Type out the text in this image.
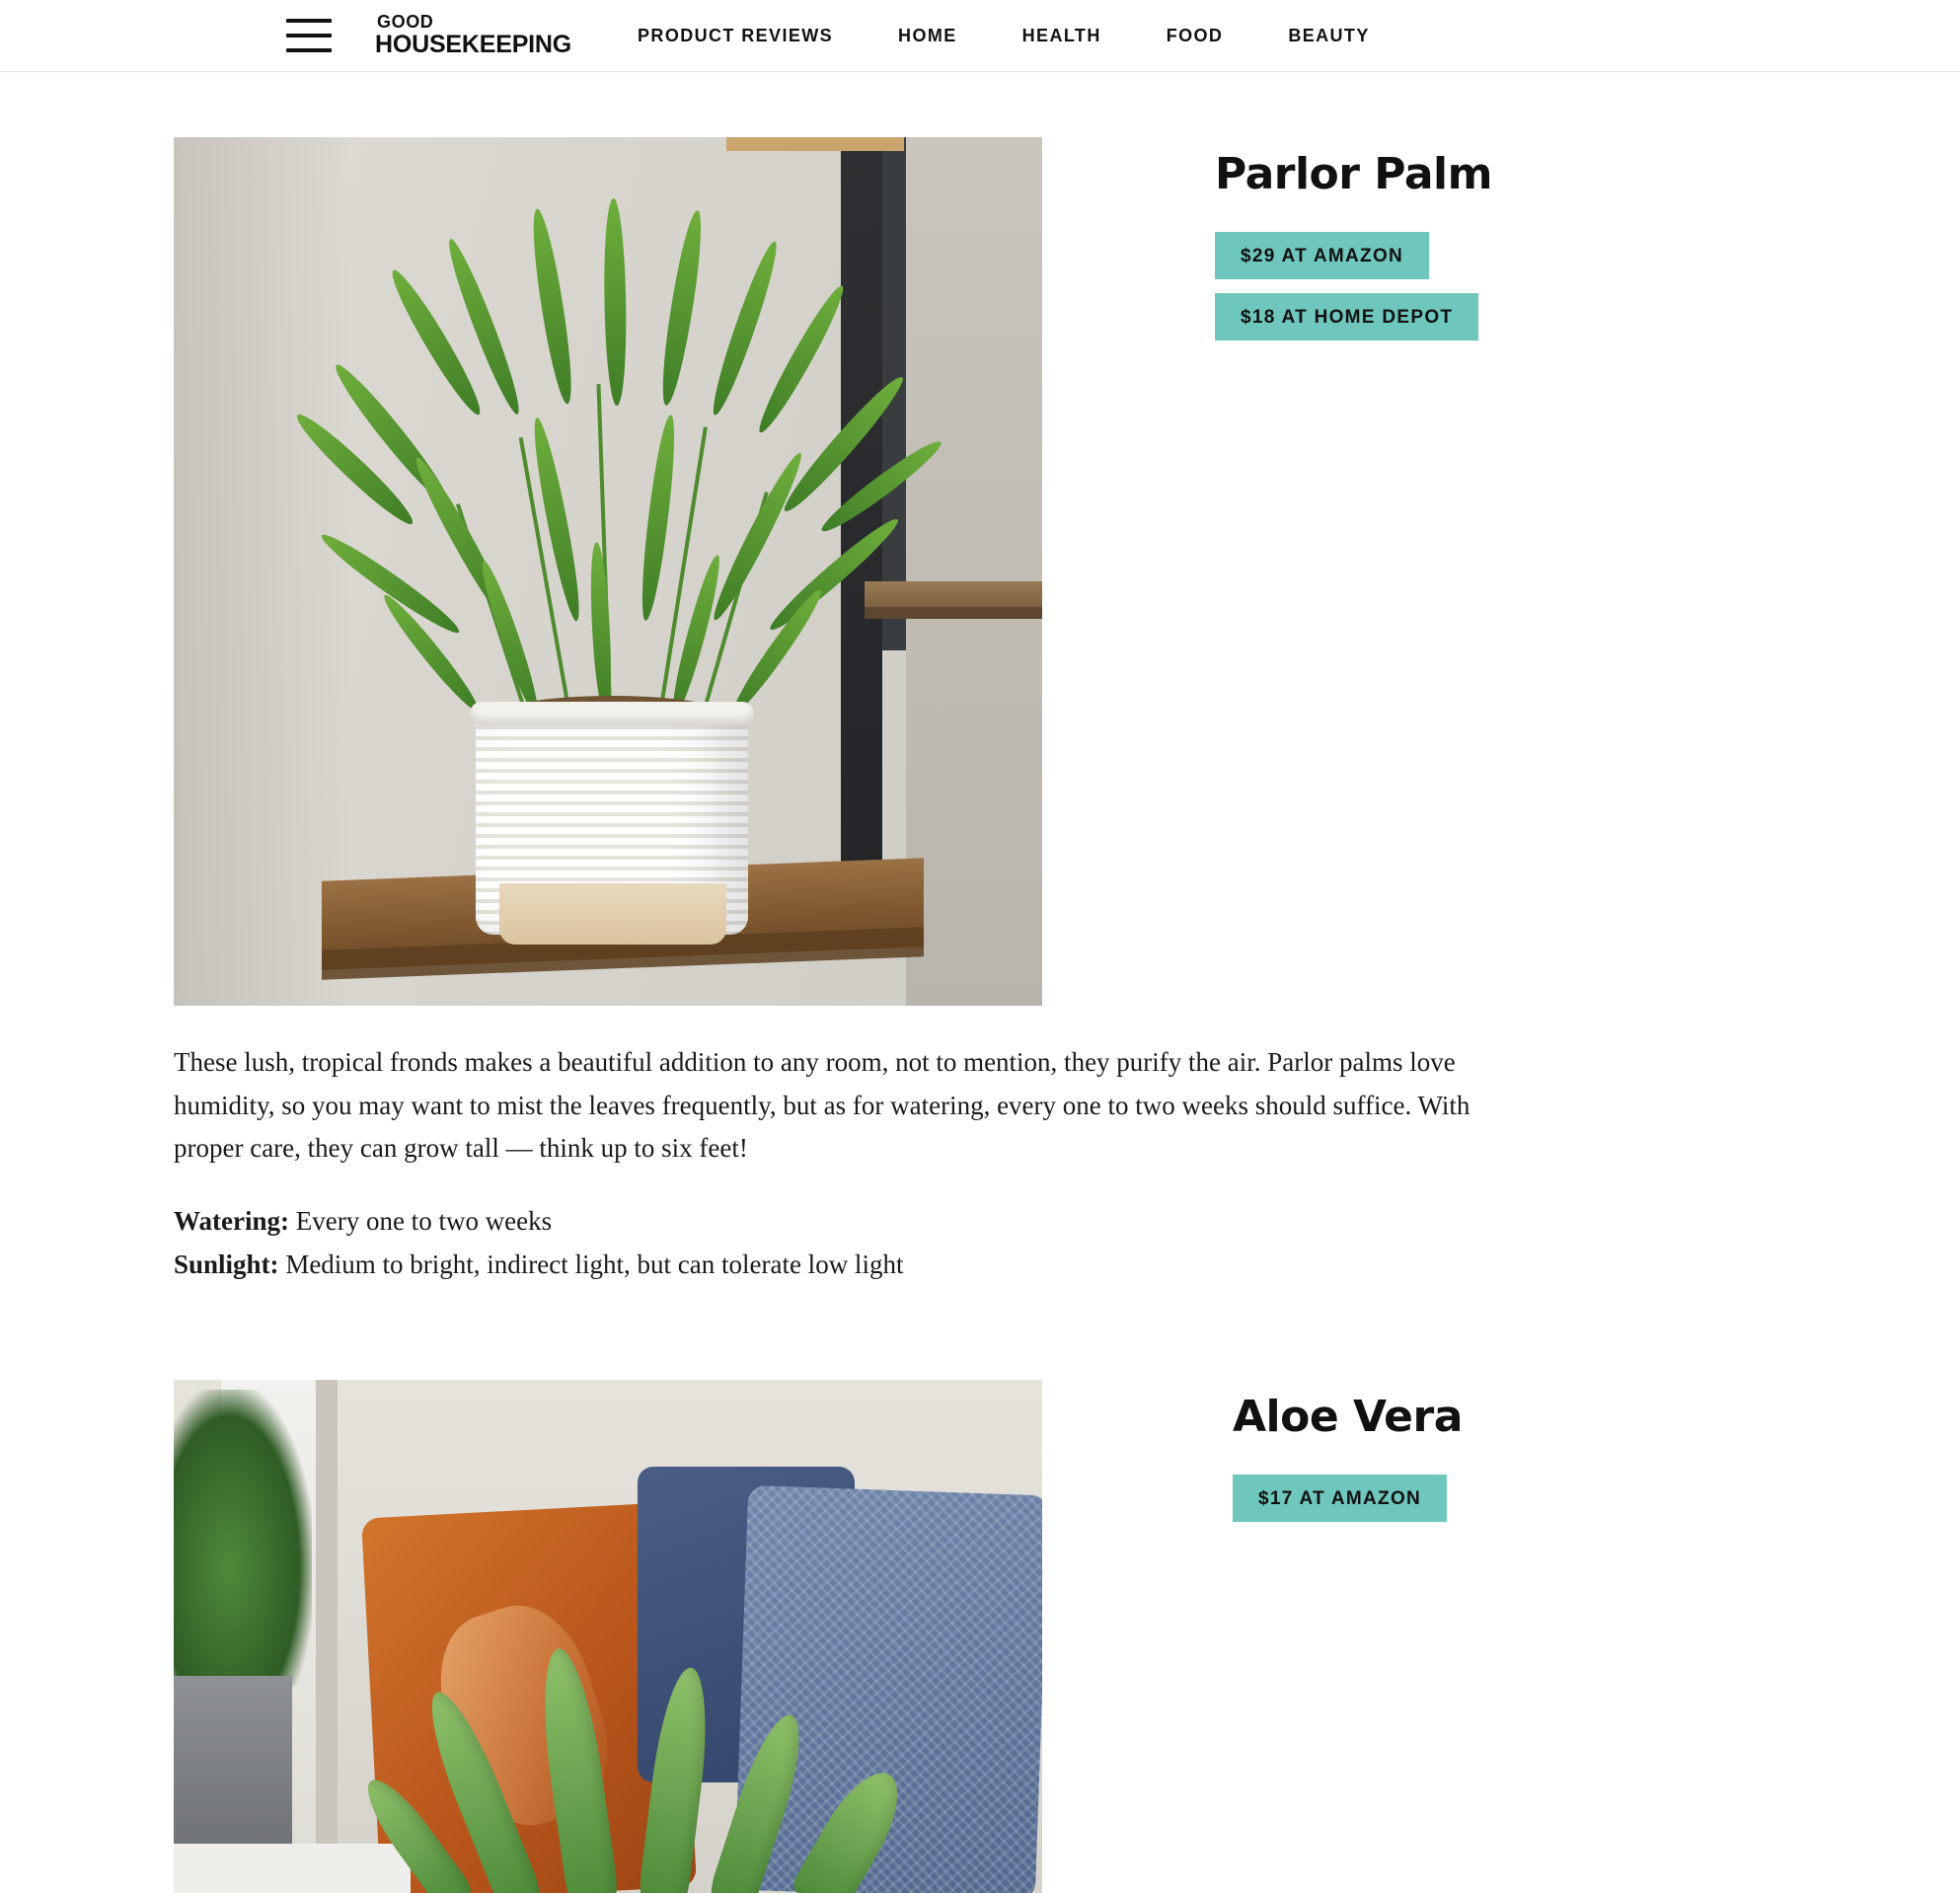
GOOD
HOUSEKEEPING	PRODUCT REVIEWS	HOME	HEALTH	FOOD	BEAUTY
Parlor Palm
$29 AT AMAZON
$18 AT HOME DEPOT

These lush, tropical fronds makes a beautiful addition to any room, not to mention, they purify the air. Parlor palms love humidity, so you may want to mist the leaves frequently, but as for watering, every one to two weeks should suffice. With proper care, they can grow tall — think up to six feet!

Watering: Every one to two weeks
Sunlight: Medium to bright, indirect light, but can tolerate low light
Aloe Vera
$17 AT AMAZON
